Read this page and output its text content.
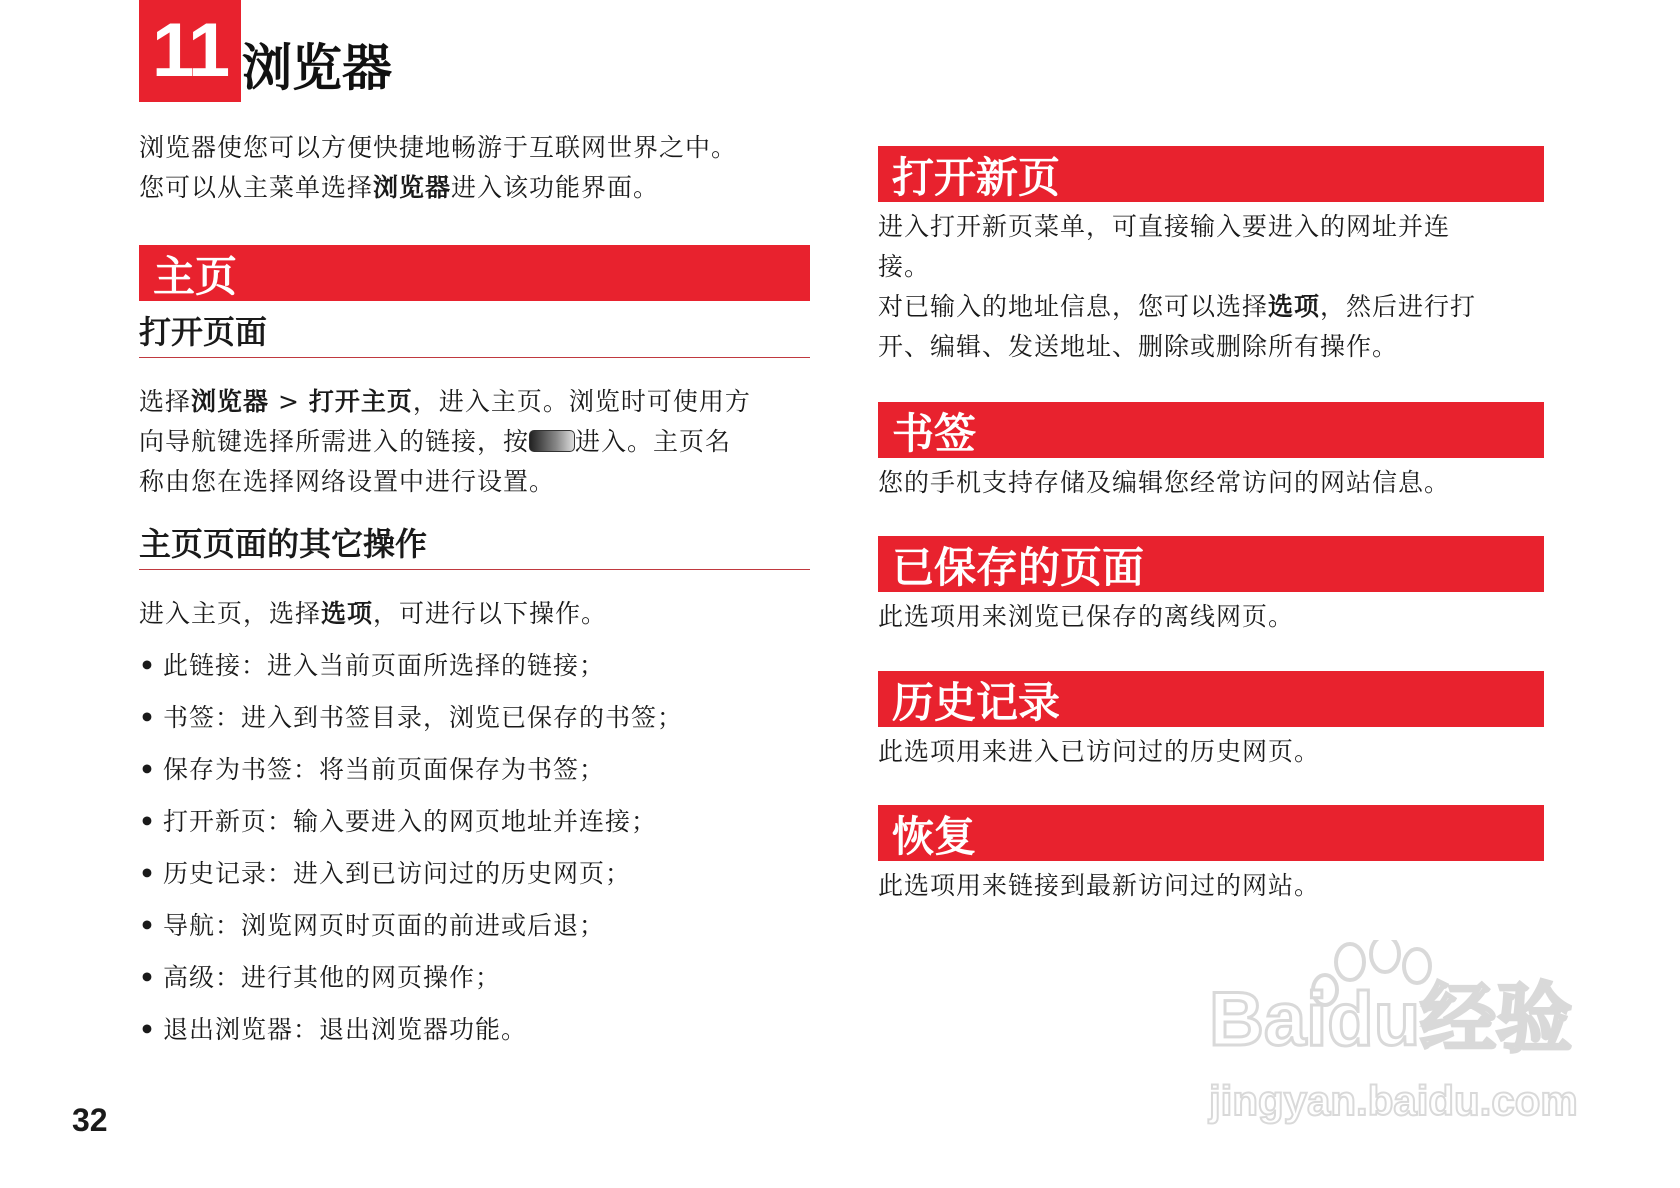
11 浏览器
浏览器使您可以方便快捷地畅游于互联网世界之中。
您可以从主菜单选择浏览器进入该功能界面。
主页
打开页面
选择浏览器 > 打开主页，进入主页。浏览时可使用方
向导航键选择所需进入的链接，按 进入。主页名
称由您在选择网络设置中进行设置。
主页页面的其它操作
进入主页，选择选项，可进行以下操作。
• 此链接：进入当前页面所选择的链接；
• 书签：进入到书签目录，浏览已保存的书签；
• 保存为书签：将当前页面保存为书签；
• 打开新页：输入要进入的网页地址并连接；
• 历史记录：进入到已访问过的历史网页；
• 导航：浏览网页时页面的前进或后退；
• 高级：进行其他的网页操作；
• 退出浏览器：退出浏览器功能。
打开新页
进入打开新页菜单，可直接输入要进入的网址并连
接。
对已输入的地址信息，您可以选择选项，然后进行打
开、编辑、发送地址、删除或删除所有操作。
书签
您的手机支持存储及编辑您经常访问的网站信息。
已保存的页面
此选项用来浏览已保存的离线网页。
历史记录
此选项用来进入已访问过的历史网页。
恢复
此选项用来链接到最新访问过的网站。
32
Baidu经验
jingyan.baidu.com
